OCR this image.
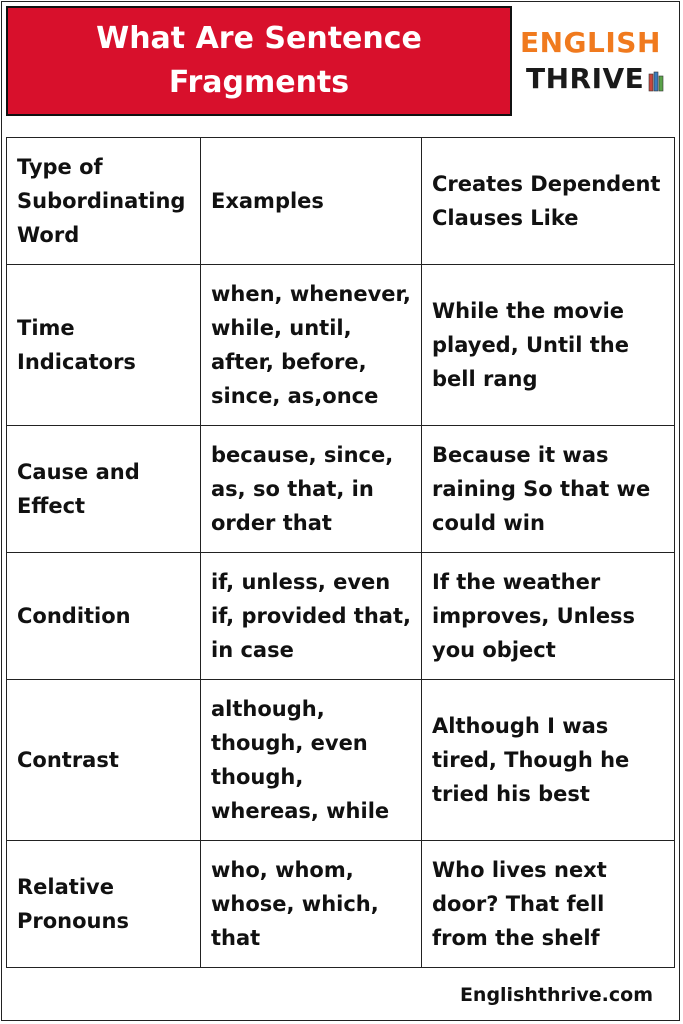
What Are Sentence Fragments
ENGLISH
THRIVE
Type of Subordinating Word	Examples	Creates Dependent Clauses Like
Time Indicators	when, whenever, while, until, after, before, since, as,once	While the movie played, Until the bell rang
Cause and Effect	because, since, as, so that, in order that	Because it was raining So that we could win
Condition	if, unless, even if, provided that, in case	If the weather improves, Unless you object
Contrast	although, though, even though, whereas, while	Although I was tired, Though he tried his best
Relative Pronouns	who, whom, whose, which, that	Who lives next door? That fell from the shelf
Englishthrive.com
